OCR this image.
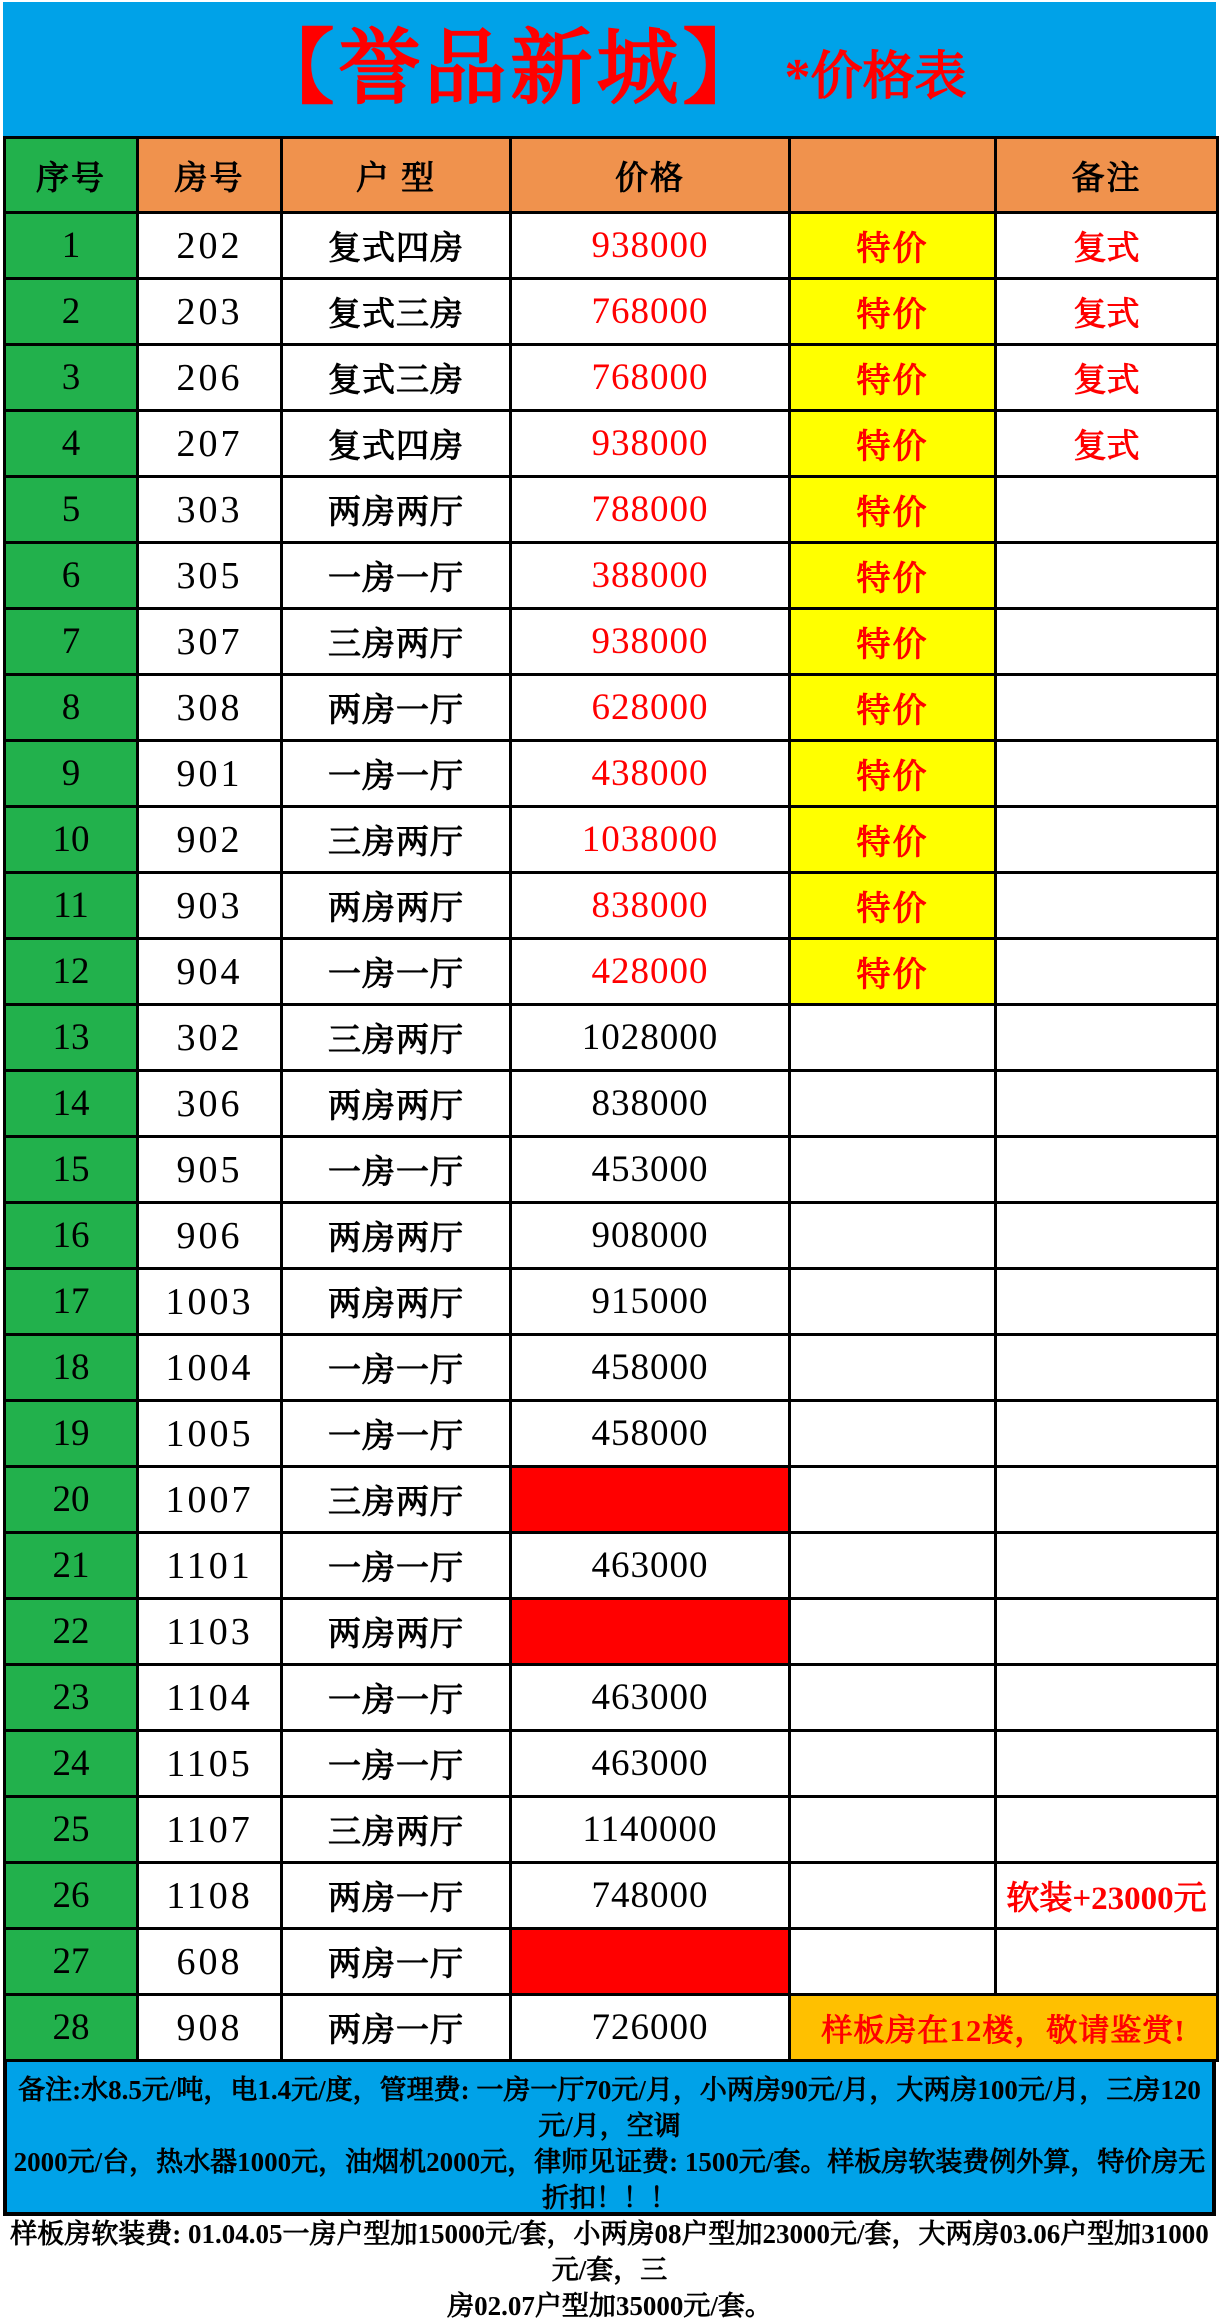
【誉品新城】 *价格表
序号	房号	户 型	价格		备注
1	202	复式四房	938000	特价	复式
2	203	复式三房	768000	特价	复式
3	206	复式三房	768000	特价	复式
4	207	复式四房	938000	特价	复式
5	303	两房两厅	788000	特价	
6	305	一房一厅	388000	特价	
7	307	三房两厅	938000	特价	
8	308	两房一厅	628000	特价	
9	901	一房一厅	438000	特价	
10	902	三房两厅	1038000	特价	
11	903	两房两厅	838000	特价	
12	904	一房一厅	428000	特价	
13	302	三房两厅	1028000		
14	306	两房两厅	838000		
15	905	一房一厅	453000		
16	906	两房两厅	908000		
17	1003	两房两厅	915000		
18	1004	一房一厅	458000		
19	1005	一房一厅	458000		
20	1007	三房两厅			
21	1101	一房一厅	463000		
22	1103	两房两厅			
23	1104	一房一厅	463000		
24	1105	一房一厅	463000		
25	1107	三房两厅	1140000		
26	1108	两房一厅	748000		软装+23000元
27	608	两房一厅			
28	908	两房一厅	726000	样板房在12楼，敬请鉴赏!	
备注:水8.5元/吨，电1.4元/度，管理费: 一房一厅70元/月，小两房90元/月，大两房100元/月，三房120元/月，空调
2000元/台，热水器1000元，油烟机2000元，律师见证费: 1500元/套。样板房软装费例外算，特价房无折扣！！！
样板房软装费: 01.04.05一房户型加15000元/套，小两房08户型加23000元/套，大两房03.06户型加31000元/套，三
房02.07户型加35000元/套。
